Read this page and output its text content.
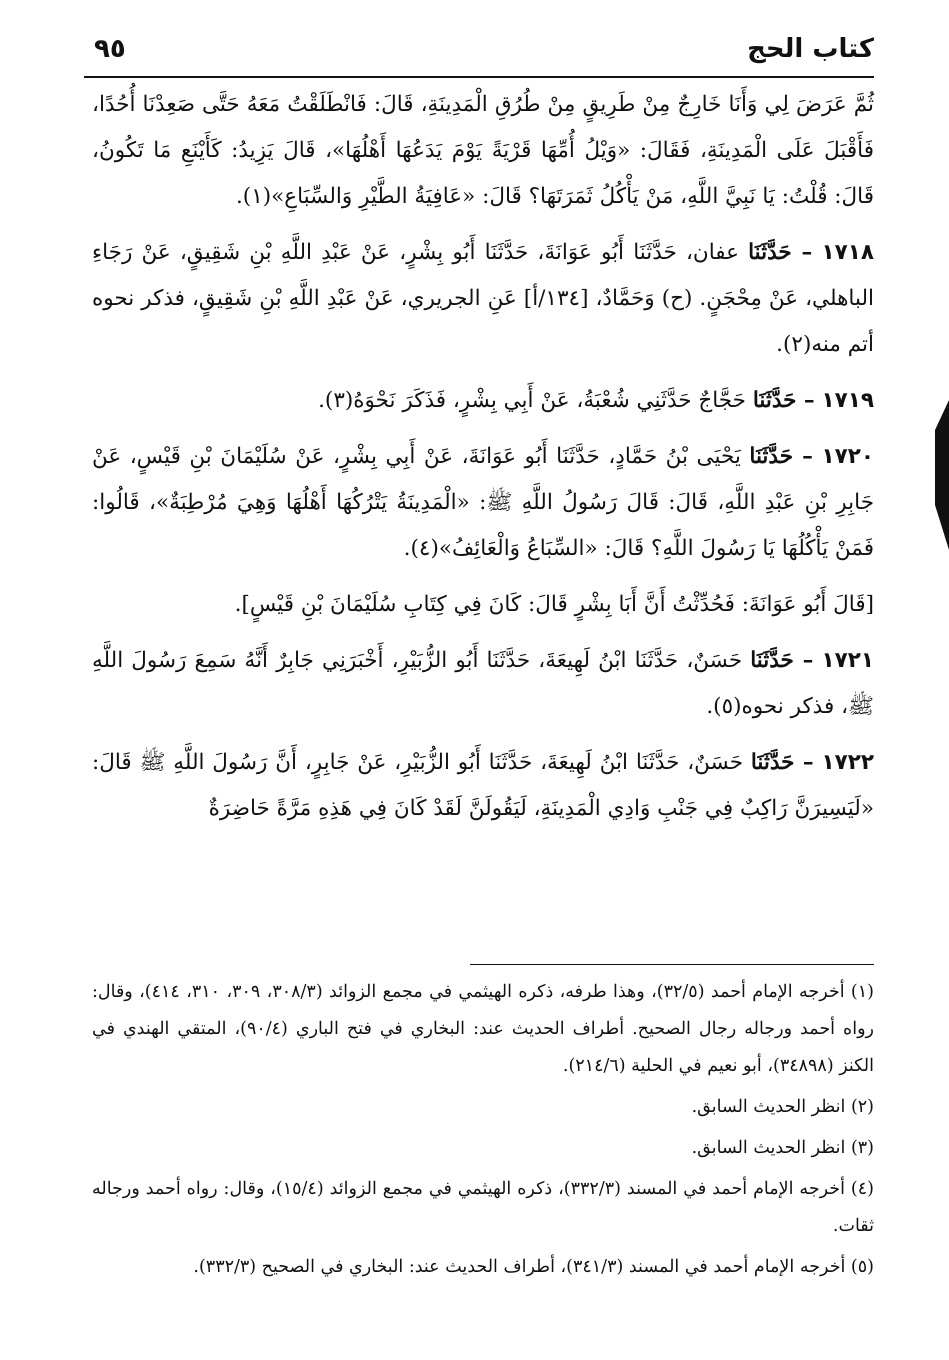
كتاب الحج
٩٥

ثُمَّ عَرَضَ لِي وَأَنَا خَارِجٌ مِنْ طَرِيقٍ مِنْ طُرُقِ الْمَدِينَةِ، قَالَ: فَانْطَلَقْتُ مَعَهُ حَتَّى صَعِدْنَا أُحُدًا، فَأَقْبَلَ عَلَى الْمَدِينَةِ، فَقَالَ: «وَيْلُ أُمِّهَا قَرْيَةً يَوْمَ يَدَعُهَا أَهْلُهَا»، قَالَ يَزِيدُ: كَأَيْنَعِ مَا تَكُونُ، قَالَ: قُلْتُ: يَا نَبِيَّ اللَّهِ، مَنْ يَأْكُلُ ثَمَرَتَهَا؟ قَالَ: «عَافِيَةُ الطَّيْرِ وَالسِّبَاعِ»(١).

١٧١٨ – حَدَّثَنَا عفان، حَدَّثَنَا أَبُو عَوَانَةَ، حَدَّثَنَا أَبُو بِشْرٍ، عَنْ عَبْدِ اللَّهِ بْنِ شَقِيقٍ، عَنْ رَجَاءِ الباهلي، عَنْ مِحْجَنٍ. (ح) وَحَمَّادٌ، [١٣٤/أ] عَنِ الجريري، عَنْ عَبْدِ اللَّهِ بْنِ شَقِيقٍ، فذكر نحوه أتم منه(٢).

١٧١٩ – حَدَّثَنَا حَجَّاجٌ حَدَّثَنِي شُعْبَةُ، عَنْ أَبِي بِشْرٍ، فَذَكَرَ نَحْوَهُ(٣).

١٧٢٠ – حَدَّثَنَا يَحْيَى بْنُ حَمَّادٍ، حَدَّثَنَا أَبُو عَوَانَةَ، عَنْ أَبِي بِشْرٍ، عَنْ سُلَيْمَانَ بْنِ قَيْسٍ، عَنْ جَابِرِ بْنِ عَبْدِ اللَّهِ، قَالَ: قَالَ رَسُولُ اللَّهِ ﷺ: «الْمَدِينَةُ يَتْرُكُهَا أَهْلُهَا وَهِيَ مُرْطِبَةٌ»، قَالُوا: فَمَنْ يَأْكُلُهَا يَا رَسُولَ اللَّهِ؟ قَالَ: «السِّبَاعُ وَالْعَائِفُ»(٤).

[قَالَ أَبُو عَوَانَةَ: فَحُدِّثْتُ أَنَّ أَبَا بِشْرٍ قَالَ: كَانَ فِي كِتَابِ سُلَيْمَانَ بْنِ قَيْسٍ].

١٧٢١ – حَدَّثَنَا حَسَنٌ، حَدَّثَنَا ابْنُ لَهِيعَةَ، حَدَّثَنَا أَبُو الزُّبَيْرِ، أَخْبَرَنِي جَابِرٌ أَنَّهُ سَمِعَ رَسُولَ اللَّهِ ﷺ، فذكر نحوه(٥).

١٧٢٢ – حَدَّثَنَا حَسَنٌ، حَدَّثَنَا ابْنُ لَهِيعَةَ، حَدَّثَنَا أَبُو الزُّبَيْرِ، عَنْ جَابِرٍ، أَنَّ رَسُولَ اللَّهِ ﷺ قَالَ: «لَيَسِيرَنَّ رَاكِبٌ فِي جَنْبِ وَادِي الْمَدِينَةِ، لَيَقُولَنَّ لَقَدْ كَانَ فِي هَذِهِ مَرَّةً حَاضِرَةٌ

(١) أخرجه الإمام أحمد (٣٢/٥)، وهذا طرفه، ذكره الهيثمي في مجمع الزوائد (٣٠٨/٣، ٣٠٩، ٣١٠، ٤١٤)، وقال: رواه أحمد ورجاله رجال الصحيح. أطراف الحديث عند: البخاري في فتح الباري (٩٠/٤)، المتقي الهندي في الكنز (٣٤٨٩٨)، أبو نعيم في الحلية (٢١٤/٦).

(٢) انظر الحديث السابق.

(٣) انظر الحديث السابق.

(٤) أخرجه الإمام أحمد في المسند (٣٣٢/٣)، ذكره الهيثمي في مجمع الزوائد (١٥/٤)، وقال: رواه أحمد ورجاله ثقات.

(٥) أخرجه الإمام أحمد في المسند (٣٤١/٣)، أطراف الحديث عند: البخاري في الصحيح (٣٣٢/٣).
